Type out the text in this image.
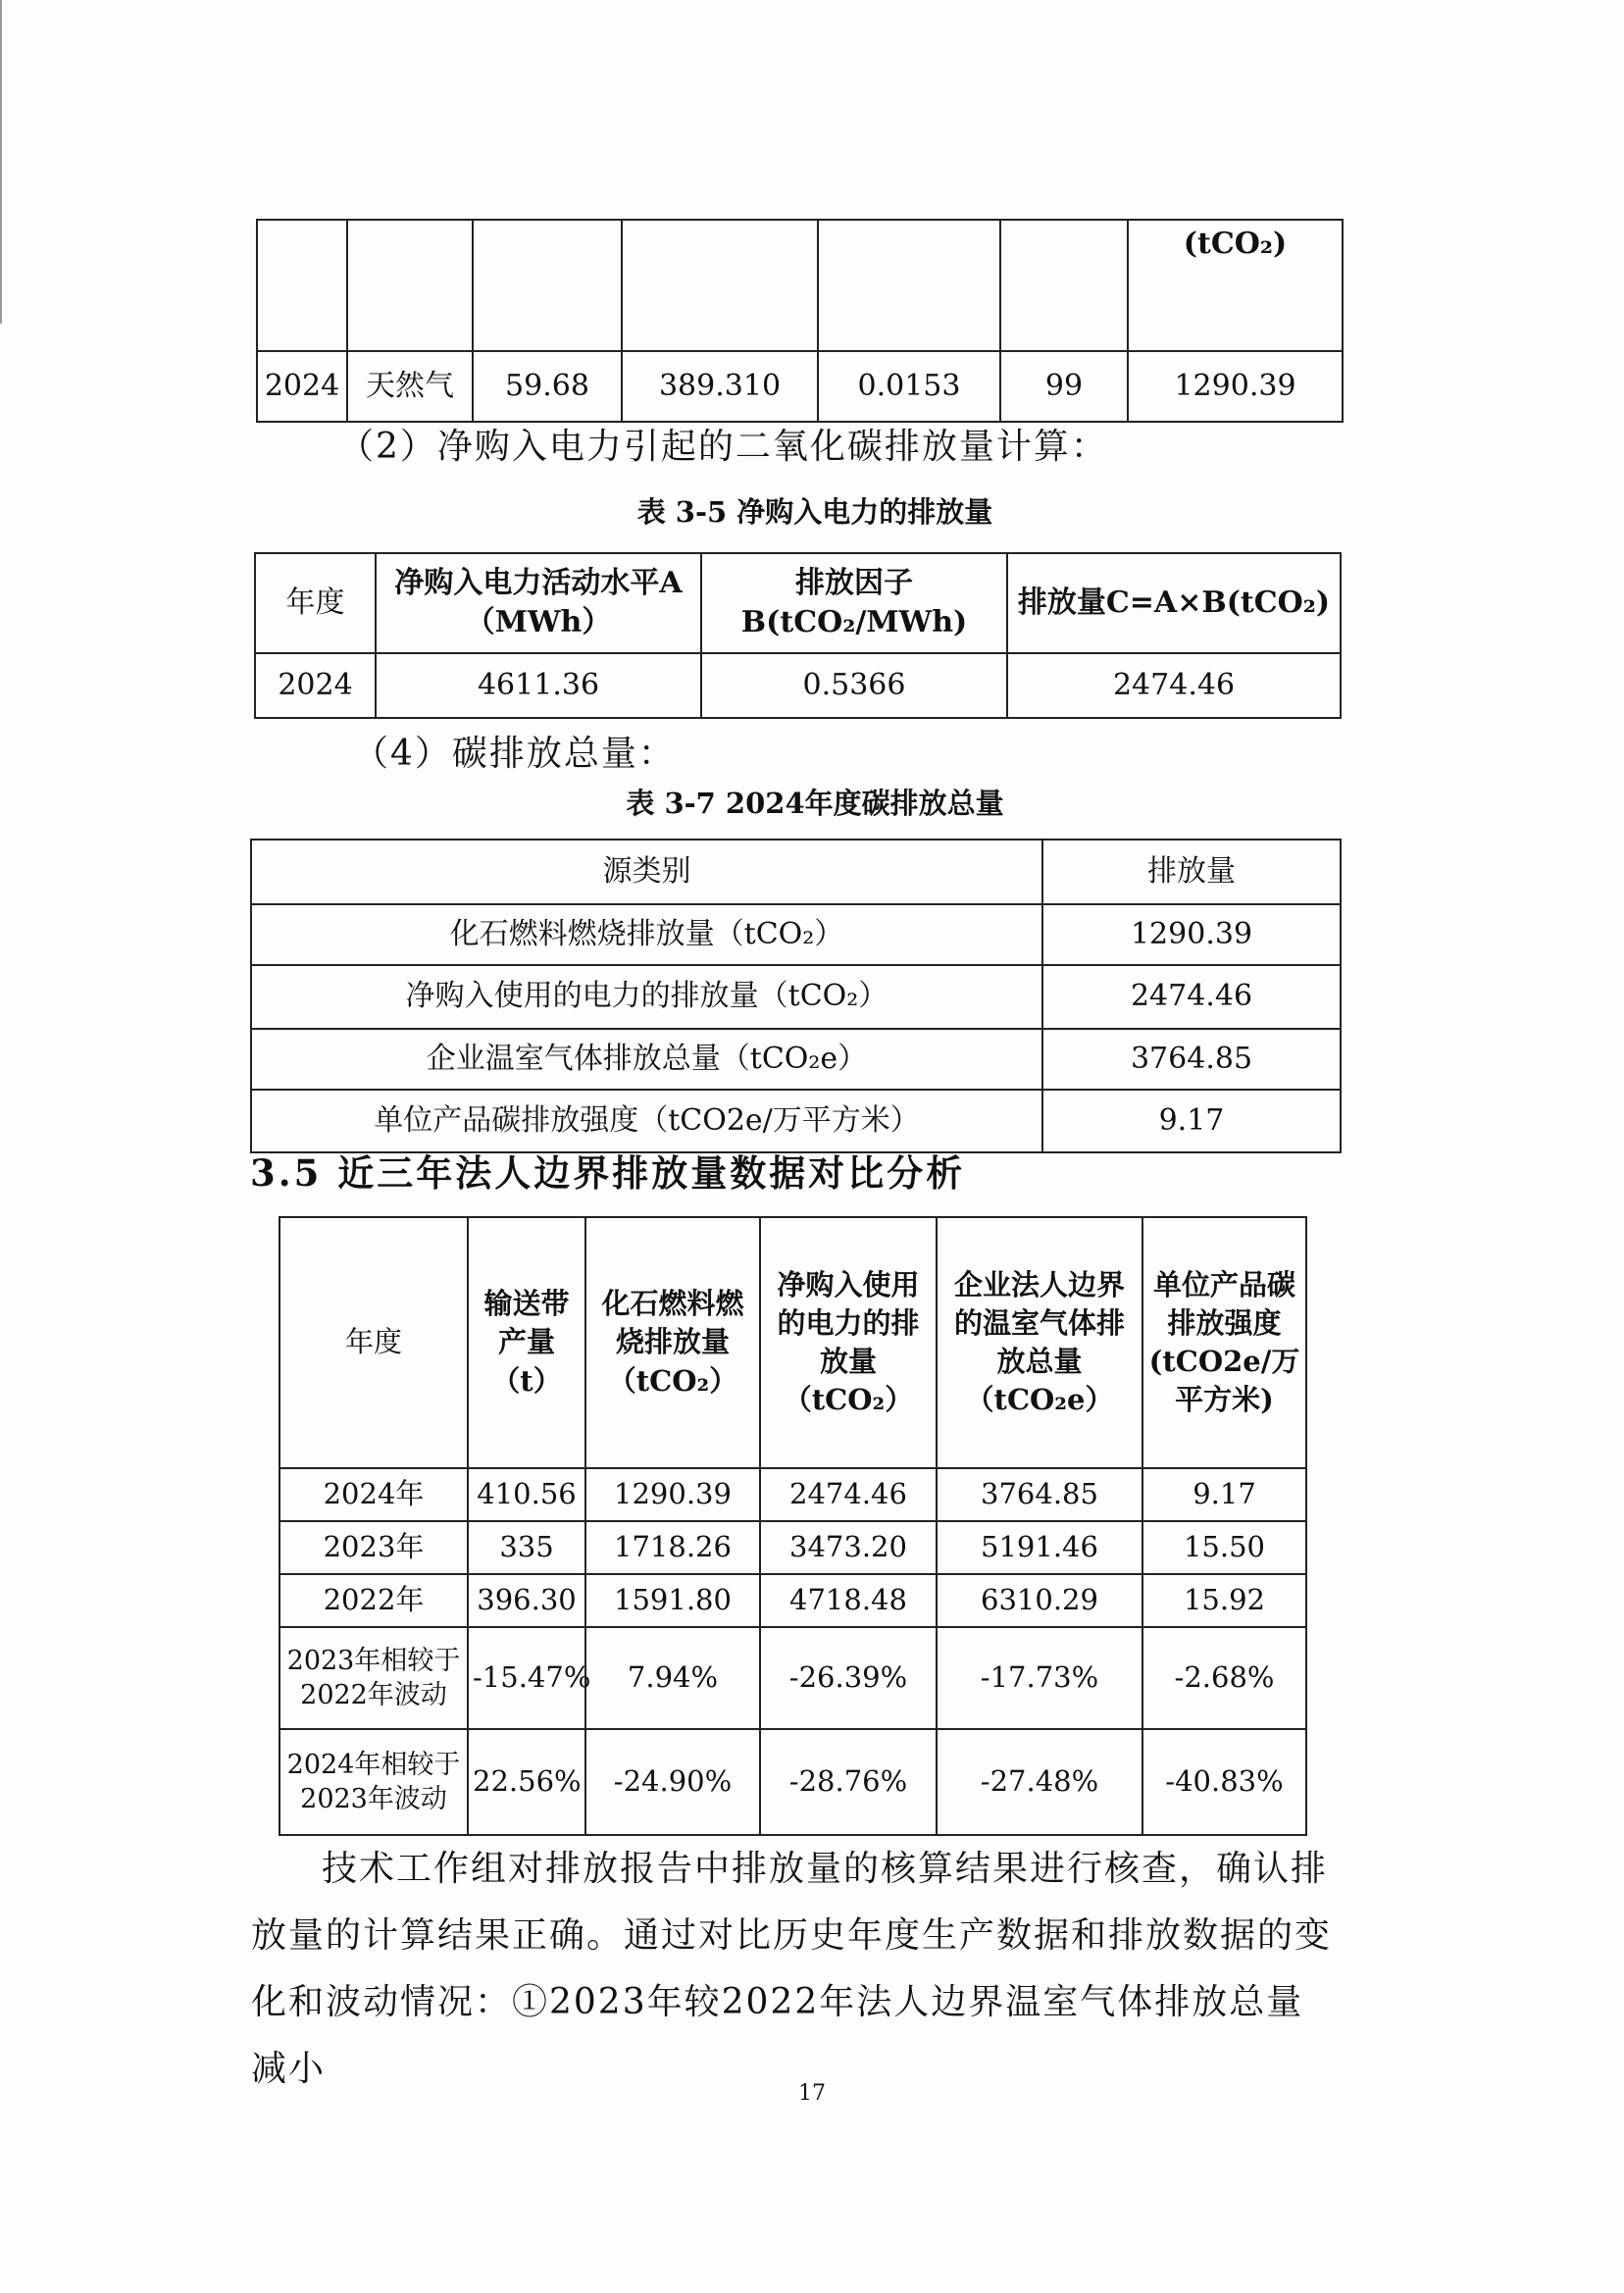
						(tCO₂)
2024	天然气	59.68	389.310	0.0153	99	1290.39
（2）净购入电力引起的二氧化碳排放量计算：
表 3-5 净购入电力的排放量
年度	净购入电力活动水平A（MWh）	排放因子B(tCO₂/MWh)	排放量C=A×B(tCO₂)
2024	4611.36	0.5366	2474.46
（4）碳排放总量：
表 3-7 2024年度碳排放总量
源类别	排放量
化石燃料燃烧排放量（tCO₂）	1290.39
净购入使用的电力的排放量（tCO₂）	2474.46
企业温室气体排放总量（tCO₂e）	3764.85
单位产品碳排放强度（tCO2e/万平方米）	9.17
3.5 近三年法人边界排放量数据对比分析
年度	输送带产量（t）	化石燃料燃烧排放量（tCO₂）	净购入使用的电力的排放量（tCO₂）	企业法人边界的温室气体排放总量（tCO₂e）	单位产品碳排放强度(tCO2e/万平方米)
2024年	410.56	1290.39	2474.46	3764.85	9.17
2023年	335	1718.26	3473.20	5191.46	15.50
2022年	396.30	1591.80	4718.48	6310.29	15.92
2023年相较于2022年波动	-15.47%	7.94%	-26.39%	-17.73%	-2.68%
2024年相较于2023年波动	22.56%	-24.90%	-28.76%	-27.48%	-40.83%
技术工作组对排放报告中排放量的核算结果进行核查，确认排放量的计算结果正确。通过对比历史年度生产数据和排放数据的变化和波动情况：①2023年较2022年法人边界温室气体排放总量减小
17
